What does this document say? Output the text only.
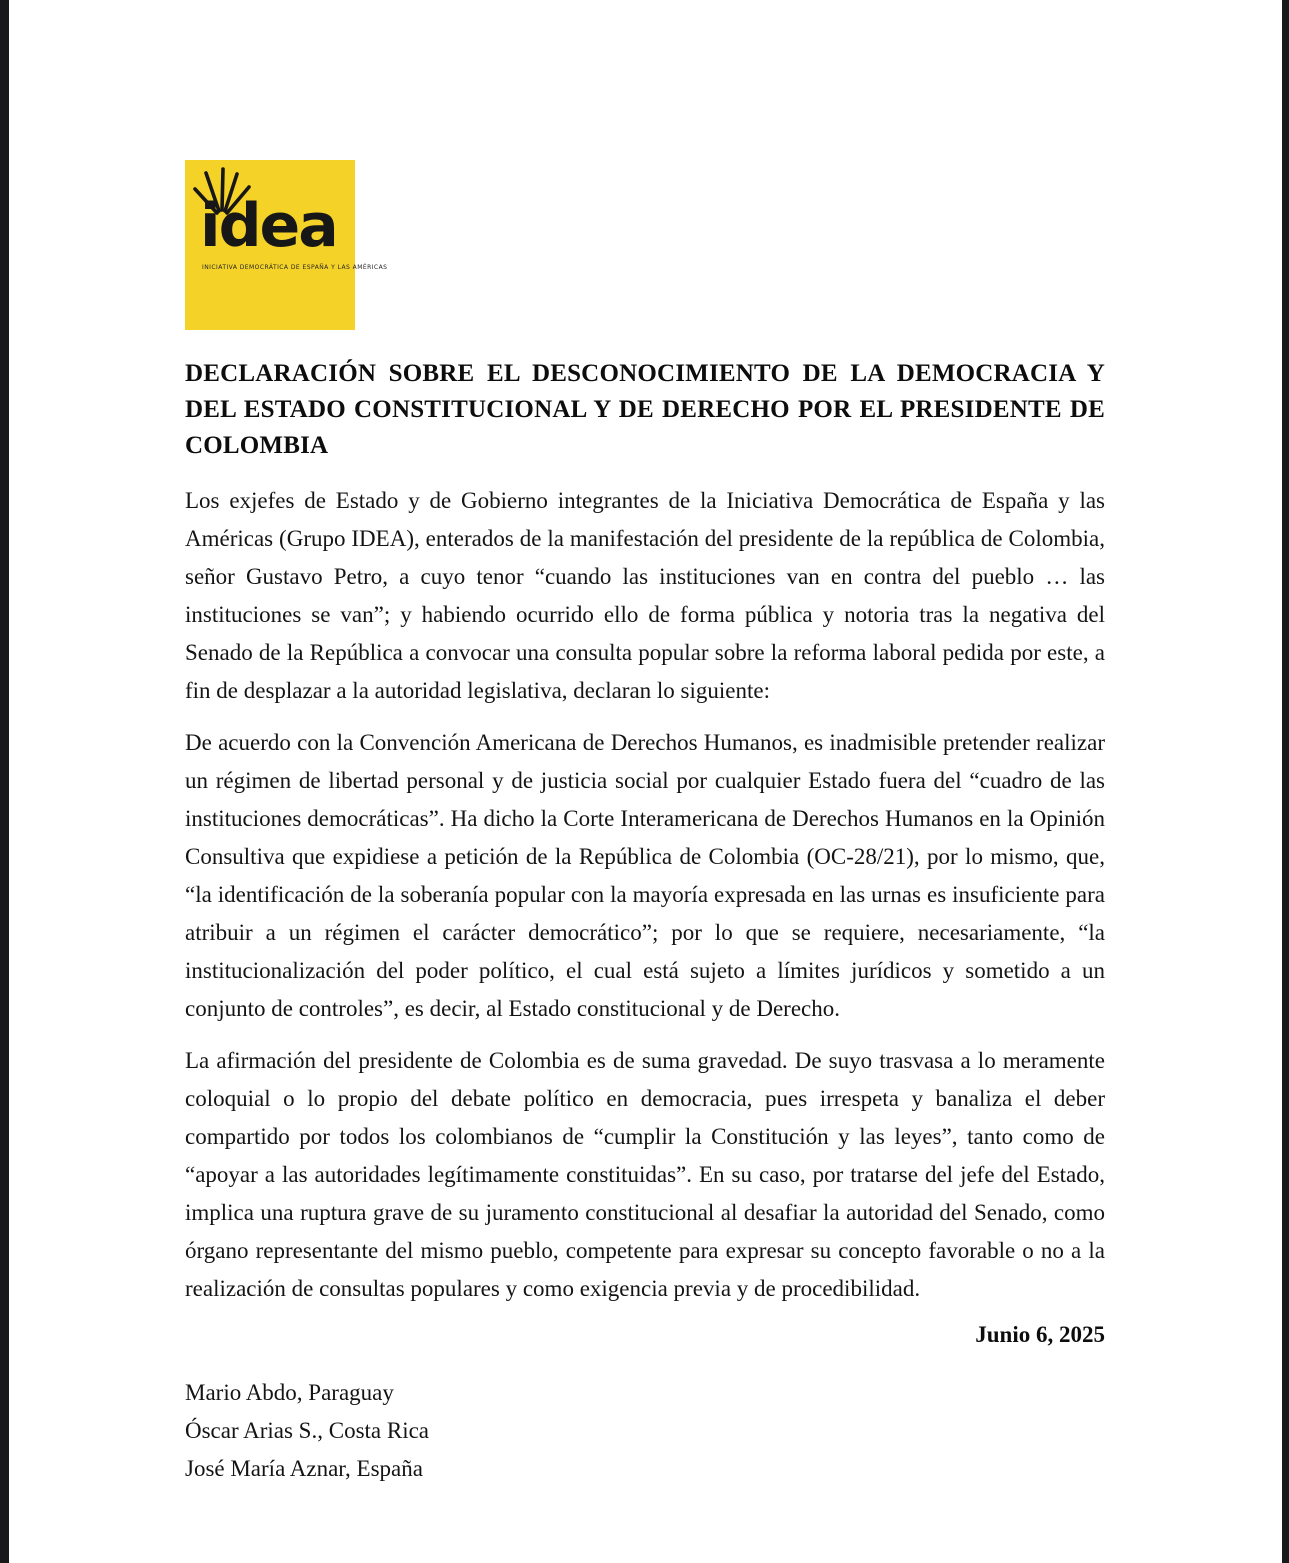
idea
INICIATIVA DEMOCRÁTICA DE ESPAÑA Y LAS AMÉRICAS
DECLARACIÓN SOBRE EL DESCONOCIMIENTO DE LA DEMOCRACIA Y DEL ESTADO CONSTITUCIONAL Y DE DERECHO POR EL PRESIDENTE DE COLOMBIA

Los exjefes de Estado y de Gobierno integrantes de la Iniciativa Democrática de España y las Américas (Grupo IDEA), enterados de la manifestación del presidente de la república de Colombia, señor Gustavo Petro, a cuyo tenor “cuando las instituciones van en contra del pueblo … las instituciones se van”; y habiendo ocurrido ello de forma pública y notoria tras la negativa del Senado de la República a convocar una consulta popular sobre la reforma laboral pedida por este, a fin de desplazar a la autoridad legislativa, declaran lo siguiente:

De acuerdo con la Convención Americana de Derechos Humanos, es inadmisible pretender realizar un régimen de libertad personal y de justicia social por cualquier Estado fuera del “cuadro de las instituciones democráticas”. Ha dicho la Corte Interamericana de Derechos Humanos en la Opinión Consultiva que expidiese a petición de la República de Colombia (OC-28/21), por lo mismo, que, “la identificación de la soberanía popular con la mayoría expresada en las urnas es insuficiente para atribuir a un régimen el carácter democrático”; por lo que se requiere, necesariamente, “la institucionalización del poder político, el cual está sujeto a límites jurídicos y sometido a un conjunto de controles”, es decir, al Estado constitucional y de Derecho.

La afirmación del presidente de Colombia es de suma gravedad. De suyo trasvasa a lo meramente coloquial o lo propio del debate político en democracia, pues irrespeta y banaliza el deber compartido por todos los colombianos de “cumplir la Constitución y las leyes”, tanto como de “apoyar a las autoridades legítimamente constituidas”. En su caso, por tratarse del jefe del Estado, implica una ruptura grave de su juramento constitucional al desafiar la autoridad del Senado, como órgano representante del mismo pueblo, competente para expresar su concepto favorable o no a la realización de consultas populares y como exigencia previa y de procedibilidad.

Junio 6, 2025
Mario Abdo, Paraguay
Óscar Arias S., Costa Rica
José María Aznar, España
